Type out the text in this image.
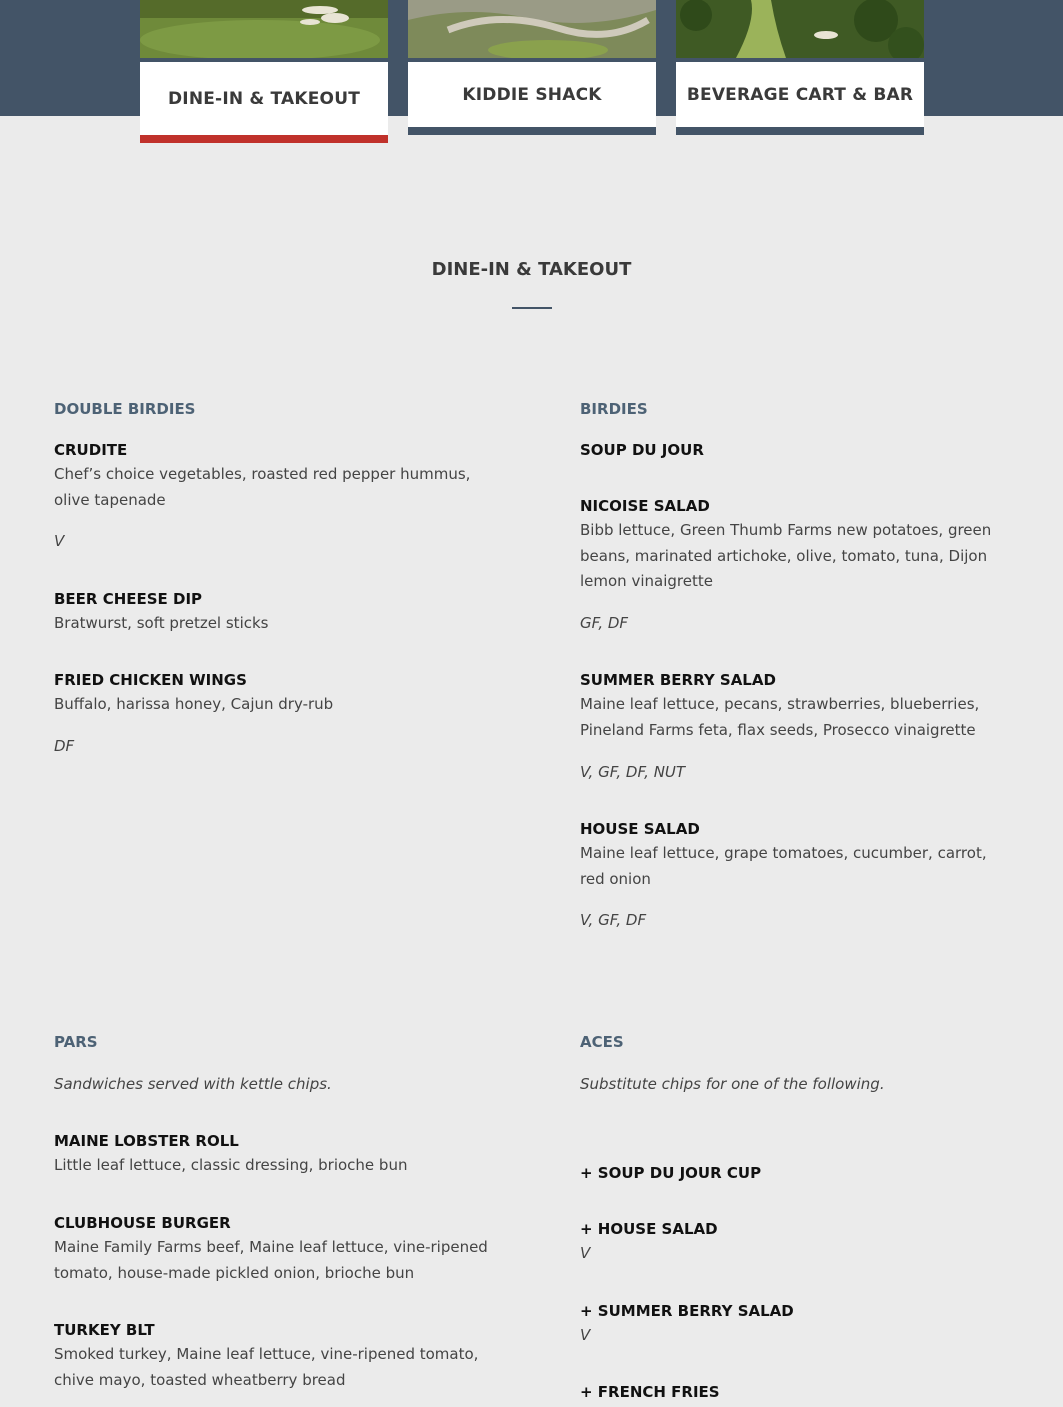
DINE-IN & TAKEOUT	KIDDIE SHACK	BEVERAGE CART & BAR
DINE-IN & TAKEOUT
DOUBLE BIRDIES
CRUDITE
Chef’s choice vegetables, roasted red pepper hummus, olive tapenade
V
BEER CHEESE DIP
Bratwurst, soft pretzel sticks
FRIED CHICKEN WINGS
Buffalo, harissa honey, Cajun dry-rub
DF
BIRDIES
SOUP DU JOUR
NICOISE SALAD
Bibb lettuce, Green Thumb Farms new potatoes, green beans, marinated artichoke, olive, tomato, tuna, Dijon lemon vinaigrette
GF, DF
SUMMER BERRY SALAD
Maine leaf lettuce, pecans, strawberries, blueberries, Pineland Farms feta, flax seeds, Prosecco vinaigrette
V, GF, DF, NUT
HOUSE SALAD
Maine leaf lettuce, grape tomatoes, cucumber, carrot, red onion
V, GF, DF
PARS
Sandwiches served with kettle chips.
MAINE LOBSTER ROLL
Little leaf lettuce, classic dressing, brioche bun
CLUBHOUSE BURGER
Maine Family Farms beef, Maine leaf lettuce, vine-ripened tomato, house-made pickled onion, brioche bun
TURKEY BLT
Smoked turkey, Maine leaf lettuce, vine-ripened tomato, chive mayo, toasted wheatberry bread
ACES
Substitute chips for one of the following.
+ SOUP DU JOUR CUP
+ HOUSE SALAD
V
+ SUMMER BERRY SALAD
V
+ FRENCH FRIES
